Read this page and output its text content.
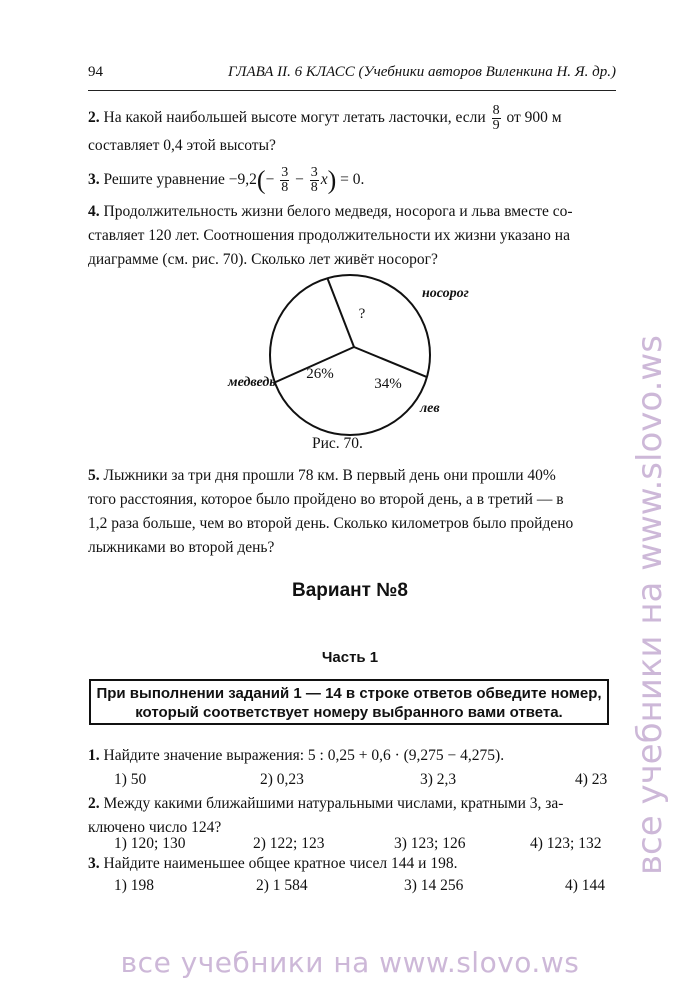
94	ГЛАВА II. 6 КЛАСС (Учебники авторов Виленкина Н. Я. др.)
2. На какой наибольшей высоте могут летать ласточки, если $\frac{8}{9}$ от 900 м
составляет 0,4 этой высоты?
3. Решите уравнение $-9,2(- \frac{3}{8} - \frac{3}{8} x) = 0$.
4. Продолжительность жизни белого медведя, носорога и льва вместе со-
ставляет 120 лет. Соотношения продолжительности их жизни указано на
диаграмме (см. рис. 70). Сколько лет живёт носорог?
26%
медведь	34%
лев
?
носорог
Рис. 70.
5. Лыжники за три дня прошли 78 км. В первый день они прошли 40%
того расстояния, которое было пройдено во второй день, а в третий — в
1,2 раза больше, чем во второй день. Сколько километров было пройдено
лыжниками во второй день?
Вариант №8
Часть 1
При выполнении заданий 1 — 14 в строке ответов обведите номер,
который соответствует номеру выбранного вами ответа.
1. Найдите значение выражения: 5 : 0,25 + 0,6 · (9,275 − 4,275).
1) 50	2) 0,23	3) 2,3	4) 23
2. Между какими ближайшими натуральными числами, кратными 3, за-
ключено число 124?
1) 120; 130	2) 122; 123	3) 123; 126	4) 123; 132
3. Найдите наименьшее общее кратное чисел 144 и 198.
1) 198	2) 1 584	3) 14 256	4) 144
все учебники на www.slovo.ws
все учебники на www.slovo.ws
